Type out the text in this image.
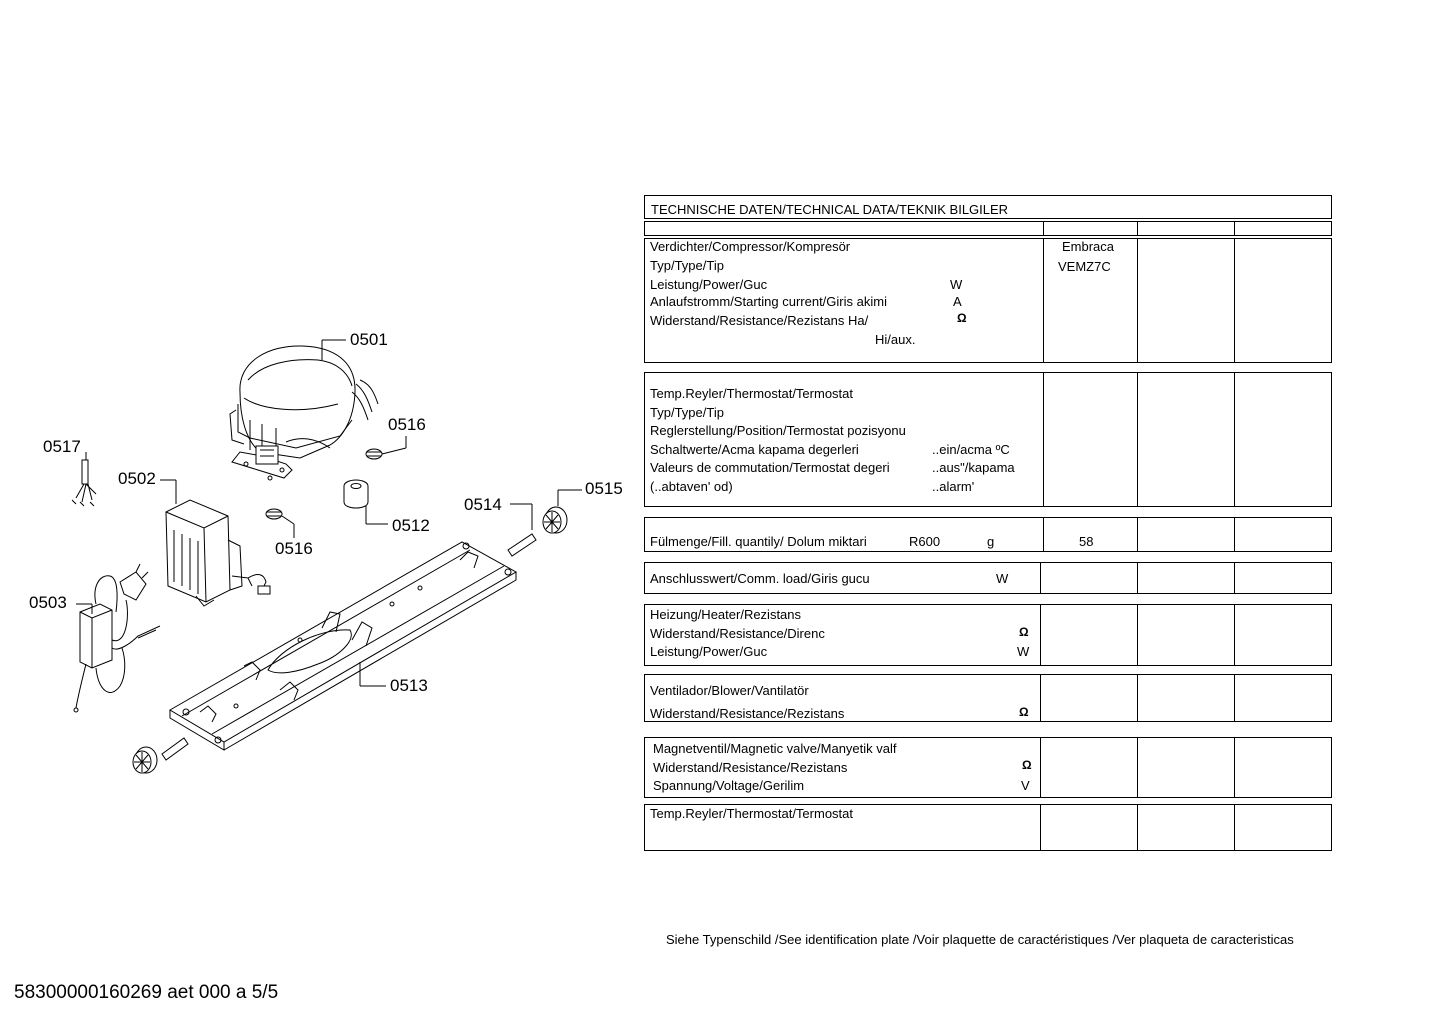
0501
0516
0517
0502
0515
0514
0512
0516
0503
0513
TECHNISCHE DATEN/TECHNICAL DATA/TEKNIK BILGILER
Verdichter/Compressor/Kompresör	Embraca
Typ/Type/Tip	VEMZ7C
Leistung/Power/Guc	W
Anlaufstromm/Starting current/Giris akimi	A
Widerstand/Resistance/Rezistans Ha/	Ω
Hi/aux.
Temp.Reyler/Thermostat/Termostat
Typ/Type/Tip
Reglerstellung/Position/Termostat pozisyonu
Schaltwerte/Acma kapama degerleri	..ein/acma ºC
Valeurs de commutation/Termostat degeri	..aus"/kapama
(..abtaven' od)	..alarm'
Fülmenge/Fill. quantily/ Dolum miktari	R600	g	58
Anschlusswert/Comm. load/Giris gucu	W
Heizung/Heater/Rezistans
Widerstand/Resistance/Direnc	Ω
Leistung/Power/Guc	W
Ventilador/Blower/Vantilatör
Widerstand/Resistance/Rezistans	Ω
Magnetventil/Magnetic valve/Manyetik valf
Widerstand/Resistance/Rezistans	Ω
Spannung/Voltage/Gerilim	V
Temp.Reyler/Thermostat/Termostat
Siehe Typenschild /See identification plate /Voir plaquette de caractéristiques /Ver plaqueta de caracteristicas
58300000160269 aet 000 a 5/5
